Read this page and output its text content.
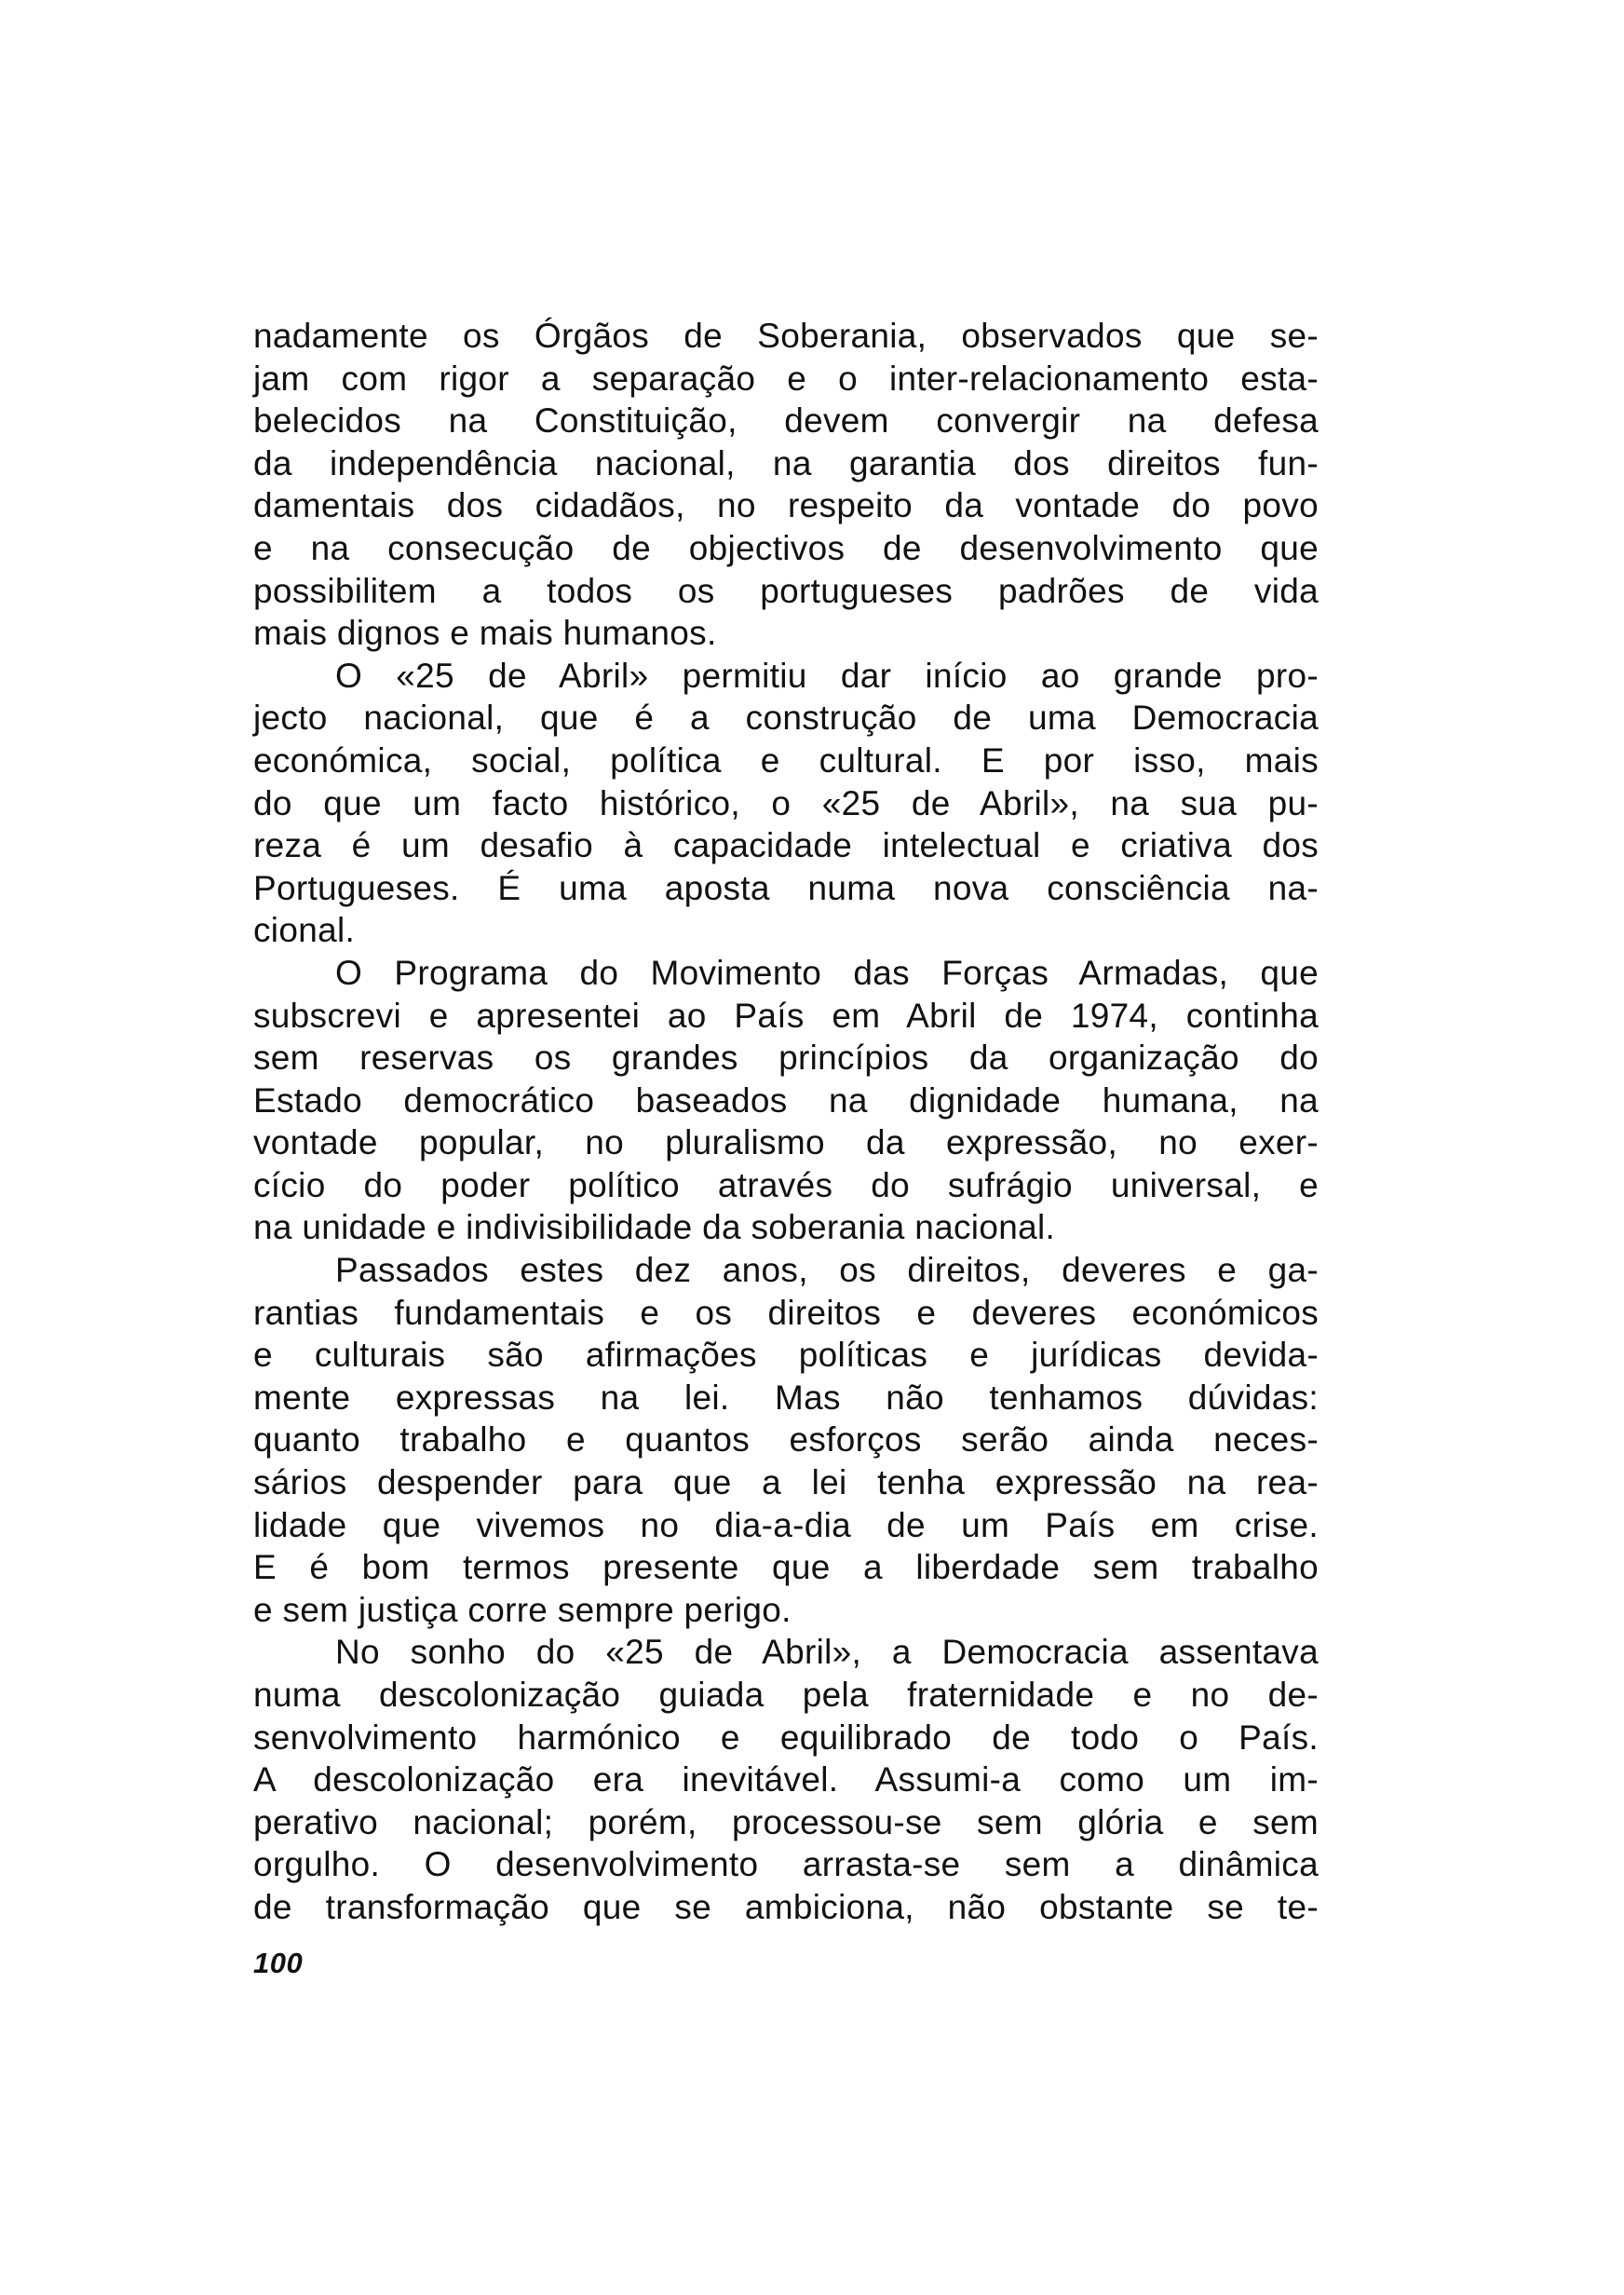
nadamente os Órgãos de Soberania, observados que se-
jam com rigor a separação e o inter-relacionamento esta-
belecidos na Constituição, devem convergir na defesa
da independência nacional, na garantia dos direitos fun-
damentais dos cidadãos, no respeito da vontade do povo
e na consecução de objectivos de desenvolvimento que
possibilitem a todos os portugueses padrões de vida
mais dignos e mais humanos.
O «25 de Abril» permitiu dar início ao grande pro-
jecto nacional, que é a construção de uma Democracia
económica, social, política e cultural. E por isso, mais
do que um facto histórico, o «25 de Abril», na sua pu-
reza é um desafio à capacidade intelectual e criativa dos
Portugueses. É uma aposta numa nova consciência na-
cional.
O Programa do Movimento das Forças Armadas, que
subscrevi e apresentei ao País em Abril de 1974, continha
sem reservas os grandes princípios da organização do
Estado democrático baseados na dignidade humana, na
vontade popular, no pluralismo da expressão, no exer-
cício do poder político através do sufrágio universal, e
na unidade e indivisibilidade da soberania nacional.
Passados estes dez anos, os direitos, deveres e ga-
rantias fundamentais e os direitos e deveres económicos
e culturais são afirmações políticas e jurídicas devida-
mente expressas na lei. Mas não tenhamos dúvidas:
quanto trabalho e quantos esforços serão ainda neces-
sários despender para que a lei tenha expressão na rea-
lidade que vivemos no dia-a-dia de um País em crise.
E é bom termos presente que a liberdade sem trabalho
e sem justiça corre sempre perigo.
No sonho do «25 de Abril», a Democracia assentava
numa descolonização guiada pela fraternidade e no de-
senvolvimento harmónico e equilibrado de todo o País.
A descolonização era inevitável. Assumi-a como um im-
perativo nacional; porém, processou-se sem glória e sem
orgulho. O desenvolvimento arrasta-se sem a dinâmica
de transformação que se ambiciona, não obstante se te-
100
